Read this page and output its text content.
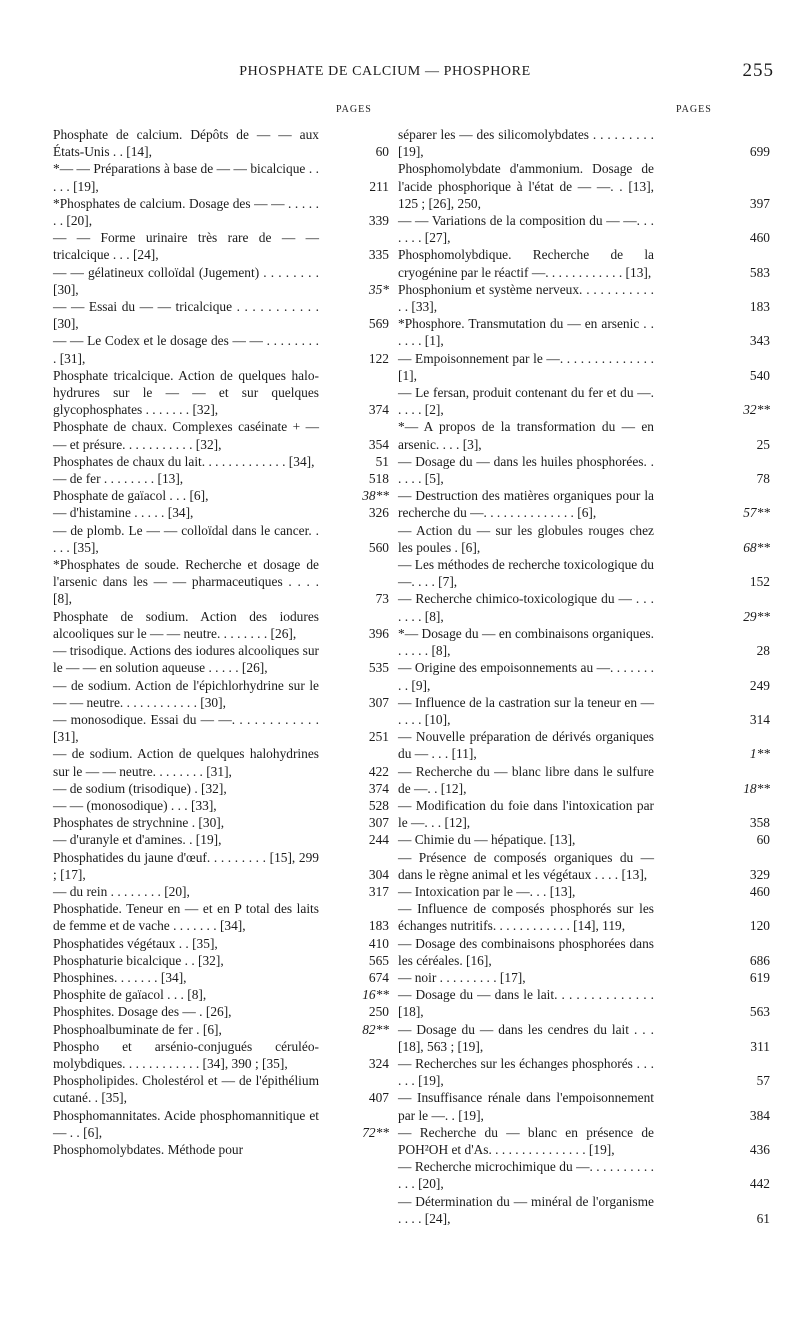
PHOSPHATE DE CALCIUM — PHOSPHORE	255
PAGES
Phosphate de calcium. Dépôts de — — aux États-Unis . . [14],	60
*— — Préparations à base de — — bicalcique . . . . . [19],	211
*Phosphates de calcium. Dosage des — — . . . . . . . [20],	339
— — Forme urinaire très rare de — — tricalcique . . . [24],	335
— — gélatineux colloïdal (Jugement) . . . . . . . . [30],	35*
— — Essai du — — tricalcique . . . . . . . . . . . [30],	569
— — Le Codex et le dosage des — — . . . . . . . . . [31],	122
Phosphate tricalcique. Action de quelques halo-hydrures sur le — — et sur quelques glycophosphates . . . . . . . [32],	374
Phosphate de chaux. Complexes caséinate + — — et présure. . . . . . . . . . . [32],	354
Phosphates de chaux du lait. . . . . . . . . . . . . [34],	51
— de fer . . . . . . . . [13],	518
Phosphate de gaïacol . . . [6],	38**
— d'histamine . . . . . [34],	326
— de plomb. Le — — colloïdal dans le cancer. . . . . [35],	560
*Phosphates de soude. Recherche et dosage de l'arsenic dans les — — pharmaceutiques . . . . [8],	73
Phosphate de sodium. Action des iodures alcooliques sur le — — neutre. . . . . . . . [26],	396
— trisodique. Actions des iodures alcooliques sur le — — en solution aqueuse . . . . . [26],	535
— de sodium. Action de l'épichlorhydrine sur le — — neutre. . . . . . . . . . . . [30],	307
— monosodique. Essai du — —. . . . . . . . . . . . [31],	251
— de sodium. Action de quelques halohydrines sur le — — neutre. . . . . . . . [31],	422
— de sodium (trisodique) . [32],	374
— — (monosodique) . . . [33],	528
Phosphates de strychnine . [30],	307
— d'uranyle et d'amines. . [19],	244
Phosphatides du jaune d'œuf. . . . . . . . . [15], 299 ; [17],	304
— du rein . . . . . . . . [20],	317
Phosphatide. Teneur en — et en P total des laits de femme et de vache . . . . . . . [34],	183
Phosphatides végétaux . . [35],	410
Phosphaturie bicalcique . . [32],	565
Phosphines. . . . . . . [34],	674
Phosphite de gaïacol . . . [8],	16**
Phosphites. Dosage des — . [26],	250
Phosphoalbuminate de fer . [6],	82**
Phospho et arsénio-conjugués céruléo-molybdiques. . . . . . . . . . . . [34], 390 ; [35],	324
Phospholipides. Cholestérol et — de l'épithélium cutané. . [35],	407
Phosphomannitates. Acide phosphomannitique et — . . [6],	72**
Phosphomolybdates. Méthode pour
PAGES
séparer les — des silicomolybdates . . . . . . . . . [19],	699
Phosphomolybdate d'ammonium. Dosage de l'acide phosphorique à l'état de — —. . [13], 125 ; [26], 250,	397
— — Variations de la composition du — —. . . . . . . [27],	460
Phosphomolybdique. Recherche de la cryogénine par le réactif —. . . . . . . . . . . . [13],	583
Phosphonium et système nerveux. . . . . . . . . . . . . [33],	183
*Phosphore. Transmutation du — en arsenic . . . . . . [1],	343
— Empoisonnement par le —. . . . . . . . . . . . . . [1],	540
— Le fersan, produit contenant du fer et du —. . . . . [2],	32**
*— A propos de la transformation du — en arsenic. . . . [3],	25
— Dosage du — dans les huiles phosphorées. . . . . . [5],	78
— Destruction des matières organiques pour la recherche du —. . . . . . . . . . . . . . [6],	57**
— Action du — sur les globules rouges chez les poules . [6],	68**
— Les méthodes de recherche toxicologique du —. . . . [7],	152
— Recherche chimico-toxicologique du — . . . . . . . [8],	29**
*— Dosage du — en combinaisons organiques. . . . . . [8],	28
— Origine des empoisonnements au —. . . . . . . . . [9],	249
— Influence de la castration sur la teneur en — . . . . [10],	314
— Nouvelle préparation de dérivés organiques du — . . . [11],	1**
— Recherche du — blanc libre dans le sulfure de —. . [12],	18**
— Modification du foie dans l'intoxication par le —. . . [12],	358
— Chimie du — hépatique. [13],	60
— Présence de composés organiques du — dans le règne animal et les végétaux . . . . [13],	329
— Intoxication par le —. . . [13],	460
— Influence de composés phosphorés sur les échanges nutritifs. . . . . . . . . . . . [14], 119,	120
— Dosage des combinaisons phosphorées dans les céréales. [16],	686
— noir . . . . . . . . . [17],	619
— Dosage du — dans le lait. . . . . . . . . . . . . . [18],	563
— Dosage du — dans les cendres du lait . . . [18], 563 ; [19],	311
— Recherches sur les échanges phosphorés . . . . . . [19],	57
— Insuffisance rénale dans l'empoisonnement par le —. . [19],	384
— Recherche du — blanc en présence de POH²OH et d'As. . . . . . . . . . . . . . . [19],	436
— Recherche microchimique du —. . . . . . . . . . . . . [20],	442
— Détermination du — minéral de l'organisme . . . . [24],	61
